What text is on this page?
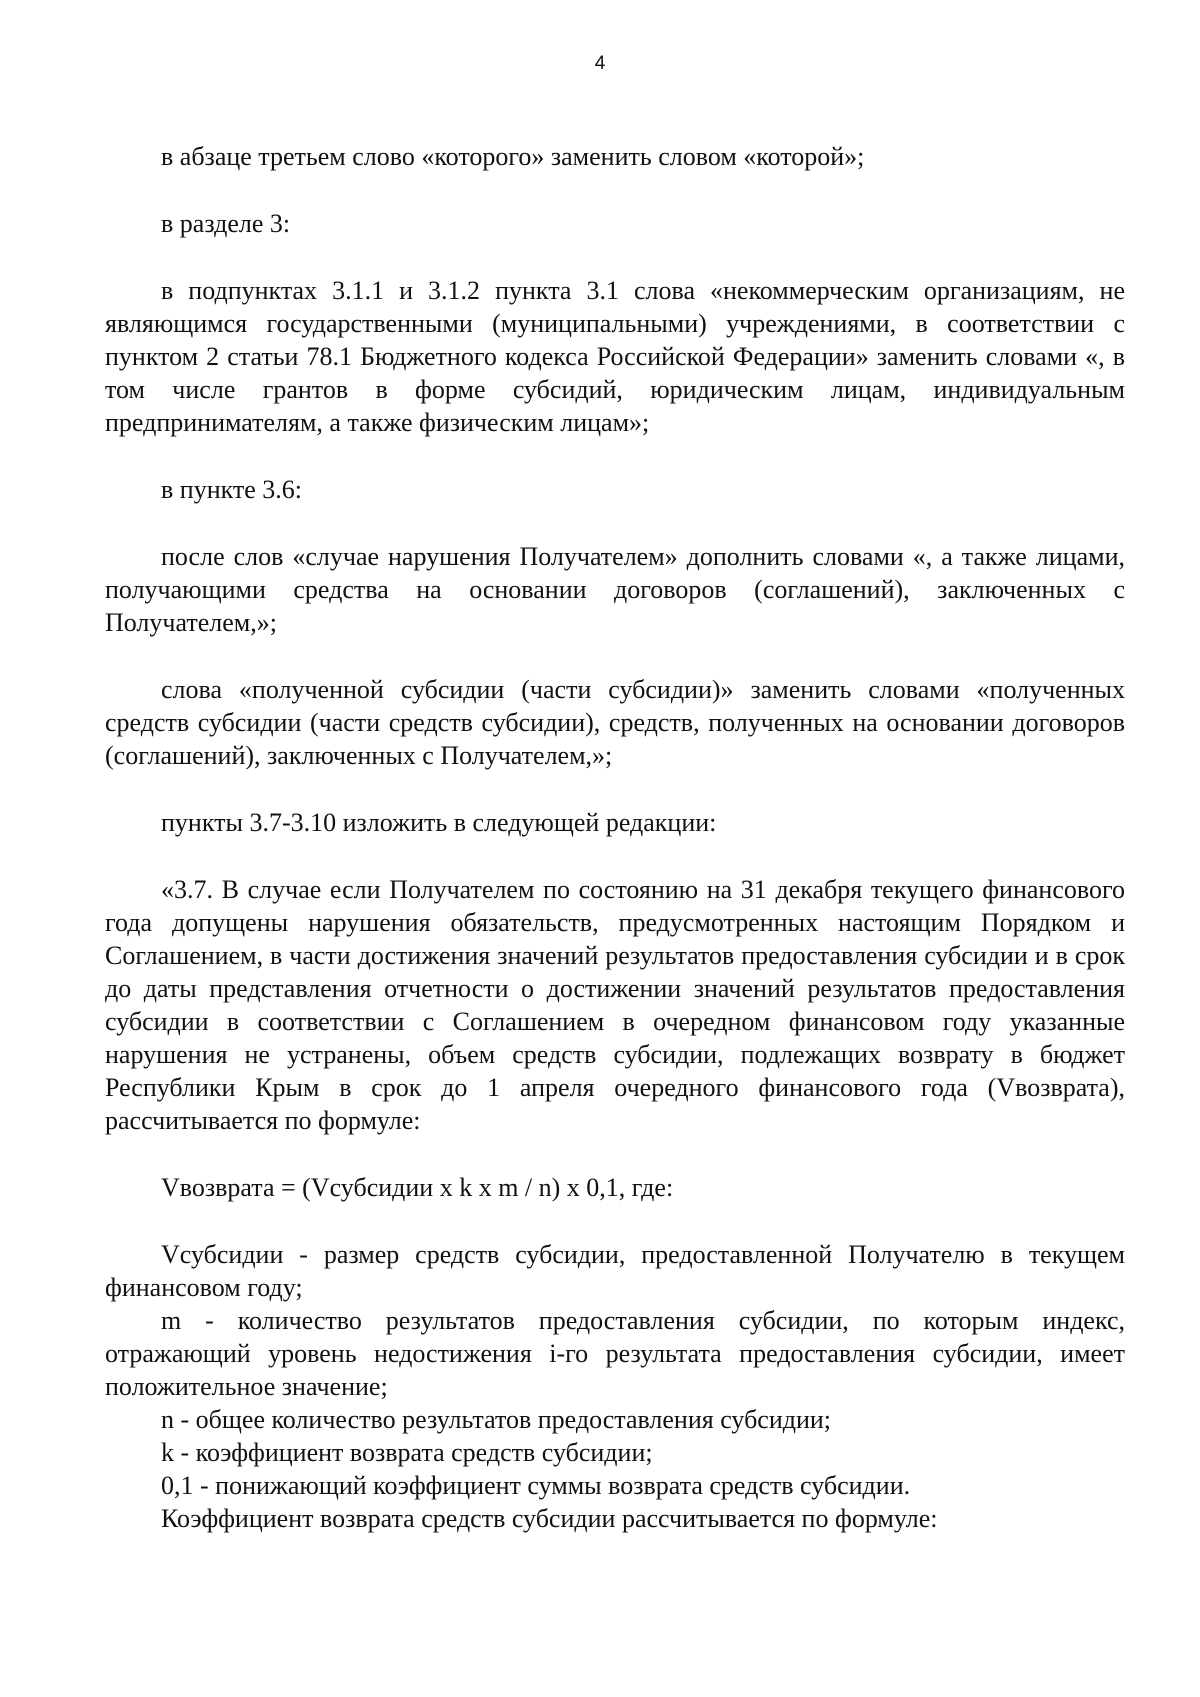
4

в абзаце третьем слово «которого» заменить словом «которой»;

в разделе 3:

в подпунктах 3.1.1 и 3.1.2 пункта 3.1 слова «некоммерческим организациям, не являющимся государственными (муниципальными) учреждениями, в соответствии с пунктом 2 статьи 78.1 Бюджетного кодекса Российской Федерации» заменить словами «, в том числе грантов в форме субсидий, юридическим лицам, индивидуальным предпринимателям, а также физическим лицам»;

в пункте 3.6:

после слов «случае нарушения Получателем» дополнить словами «, а также лицами, получающими средства на основании договоров (соглашений), заключенных с Получателем,»;

слова «полученной субсидии (части субсидии)» заменить словами «полученных средств субсидии (части средств субсидии), средств, полученных на основании договоров (соглашений), заключенных с Получателем,»;

пункты 3.7-3.10 изложить в следующей редакции:

«3.7. В случае если Получателем по состоянию на 31 декабря текущего финансового года допущены нарушения обязательств, предусмотренных настоящим Порядком и Соглашением, в части достижения значений результатов предоставления субсидии и в срок до даты представления отчетности о достижении значений результатов предоставления субсидии в соответствии с Соглашением в очередном финансовом году указанные нарушения не устранены, объем средств субсидии, подлежащих возврату в бюджет Республики Крым в срок до 1 апреля очередного финансового года (Vвозврата), рассчитывается по формуле:

Vвозврата = (Vсубсидии x k x m / n) x 0,1, где:

Vсубсидии - размер средств субсидии, предоставленной Получателю в текущем финансовом году;

m - количество результатов предоставления субсидии, по которым индекс, отражающий уровень недостижения i-го результата предоставления субсидии, имеет положительное значение;

n - общее количество результатов предоставления субсидии;

k - коэффициент возврата средств субсидии;

0,1 - понижающий коэффициент суммы возврата средств субсидии.

Коэффициент возврата средств субсидии рассчитывается по формуле:
